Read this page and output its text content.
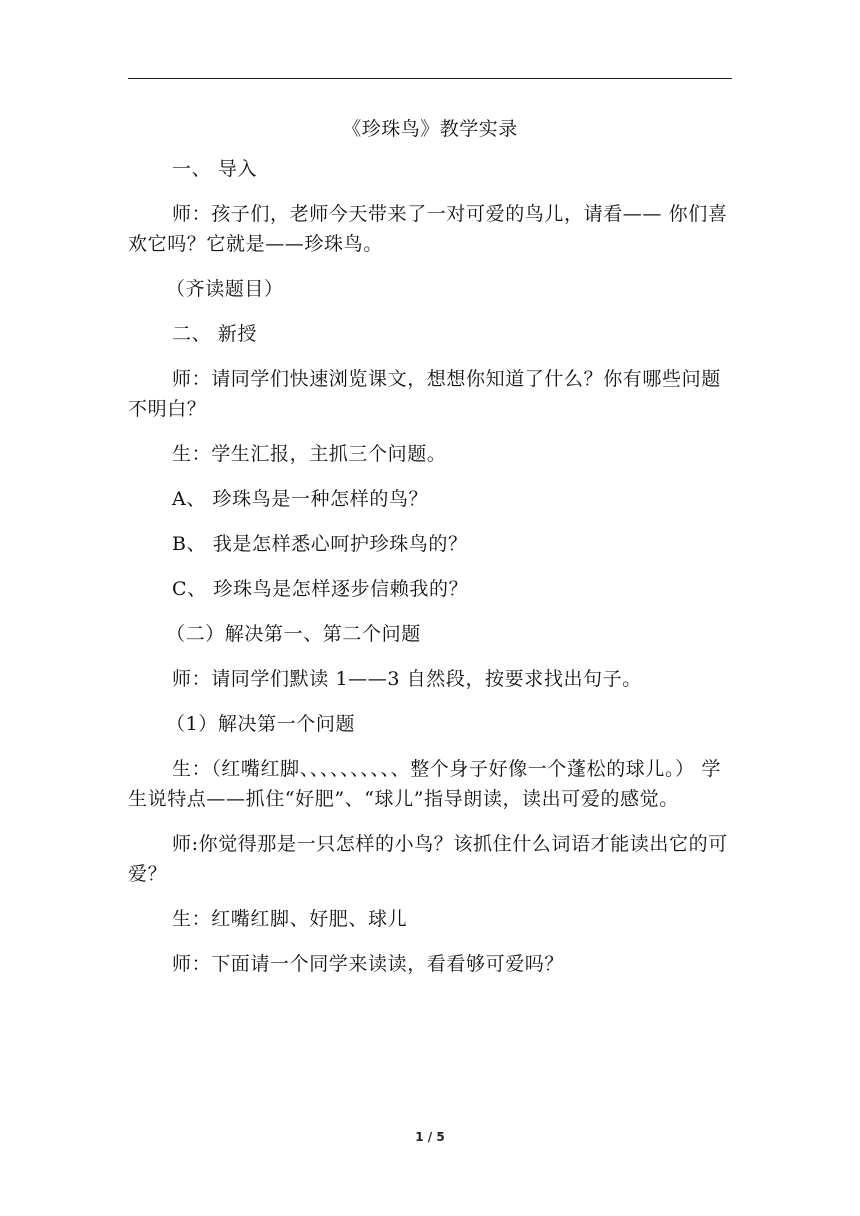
《珍珠鸟》教学实录

一、 导入

师：孩子们，老师今天带来了一对可爱的鸟儿，请看—— 你们喜欢它吗？它就是——珍珠鸟。

（齐读题目）

二、 新授

师：请同学们快速浏览课文，想想你知道了什么？你有哪些问题不明白？

生：学生汇报，主抓三个问题。

A、 珍珠鸟是一种怎样的鸟？

B、 我是怎样悉心呵护珍珠鸟的？

C、 珍珠鸟是怎样逐步信赖我的？

（二）解决第一、第二个问题

师：请同学们默读 1——3 自然段，按要求找出句子。

（1）解决第一个问题

生：（红嘴红脚、、、、、、、、、、整个身子好像一个蓬松的球儿。） 学生说特点——抓住“好肥”、“球儿”指导朗读，读出可爱的感觉。

师:你觉得那是一只怎样的小鸟？该抓住什么词语才能读出它的可爱？

生：红嘴红脚、好肥、球儿

师：下面请一个同学来读读，看看够可爱吗？

1 / 5
